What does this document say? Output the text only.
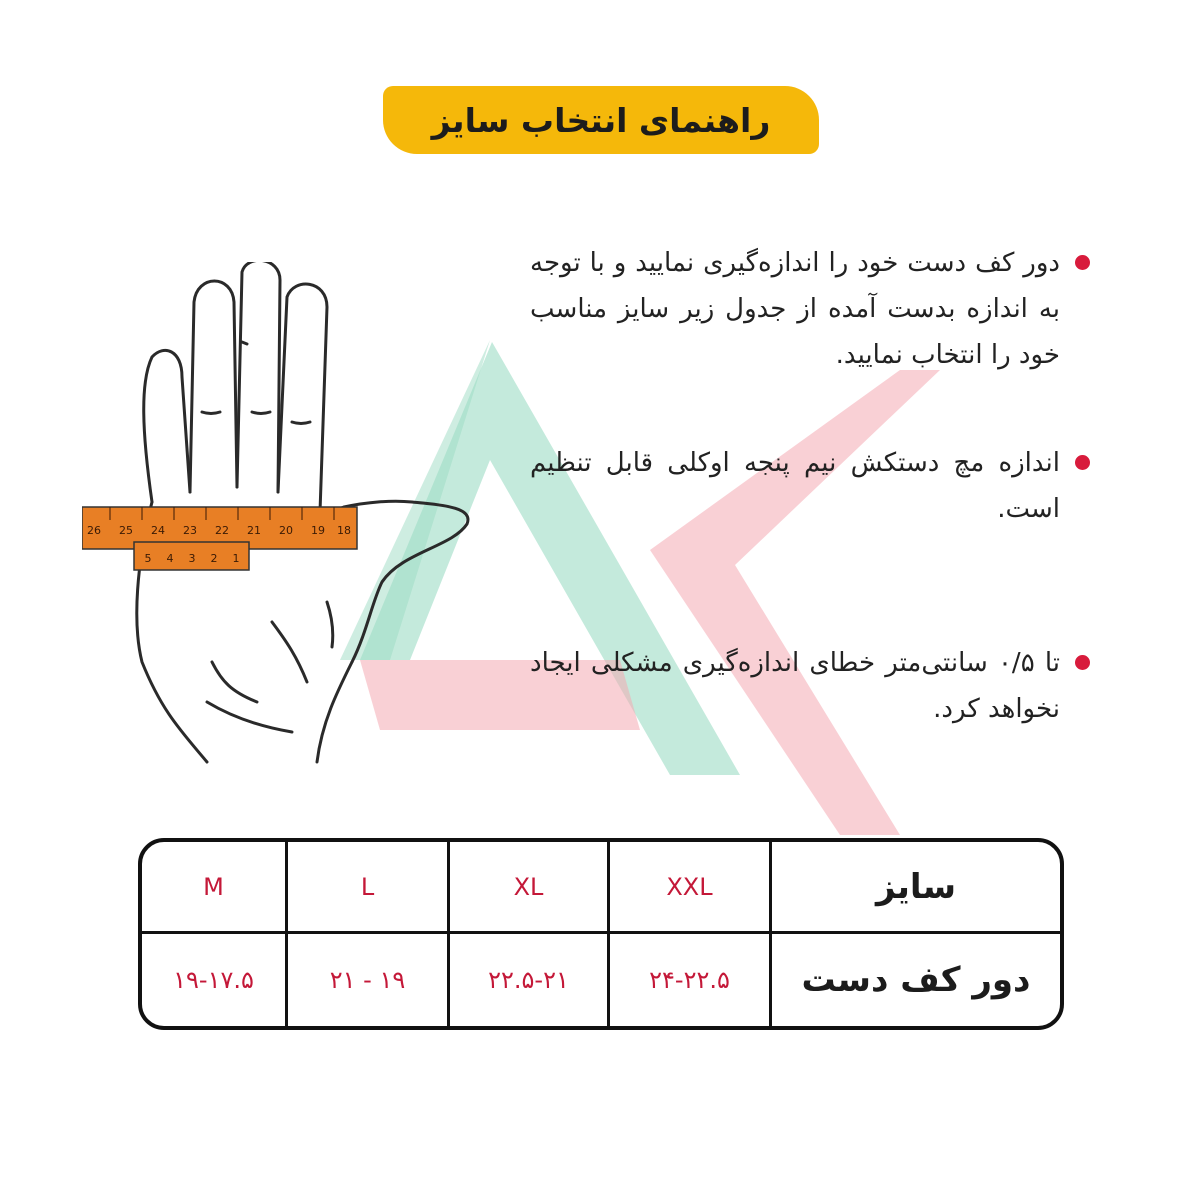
راهنمای انتخاب سایز
26 25 24 23 22 21 20 19 18
5 4 3 2 1
دور کف دست خود را اندازه‌گیری نمایید و با توجه به اندازه بدست آمده از جدول زیر سایز مناسب خود را انتخاب نمایید.
اندازه مچ دستکش نیم پنجه اوکلی قابل تنظیم است.
تا ۰/۵ سانتی‌متر خطای اندازه‌گیری مشکلی ایجاد نخواهد کرد.
M	L	XL	XXL	سایز
۱۹-۱۷.۵	۲۱ - ۱۹	۲۲.۵-۲۱	۲۴-۲۲.۵	دور کف دست
